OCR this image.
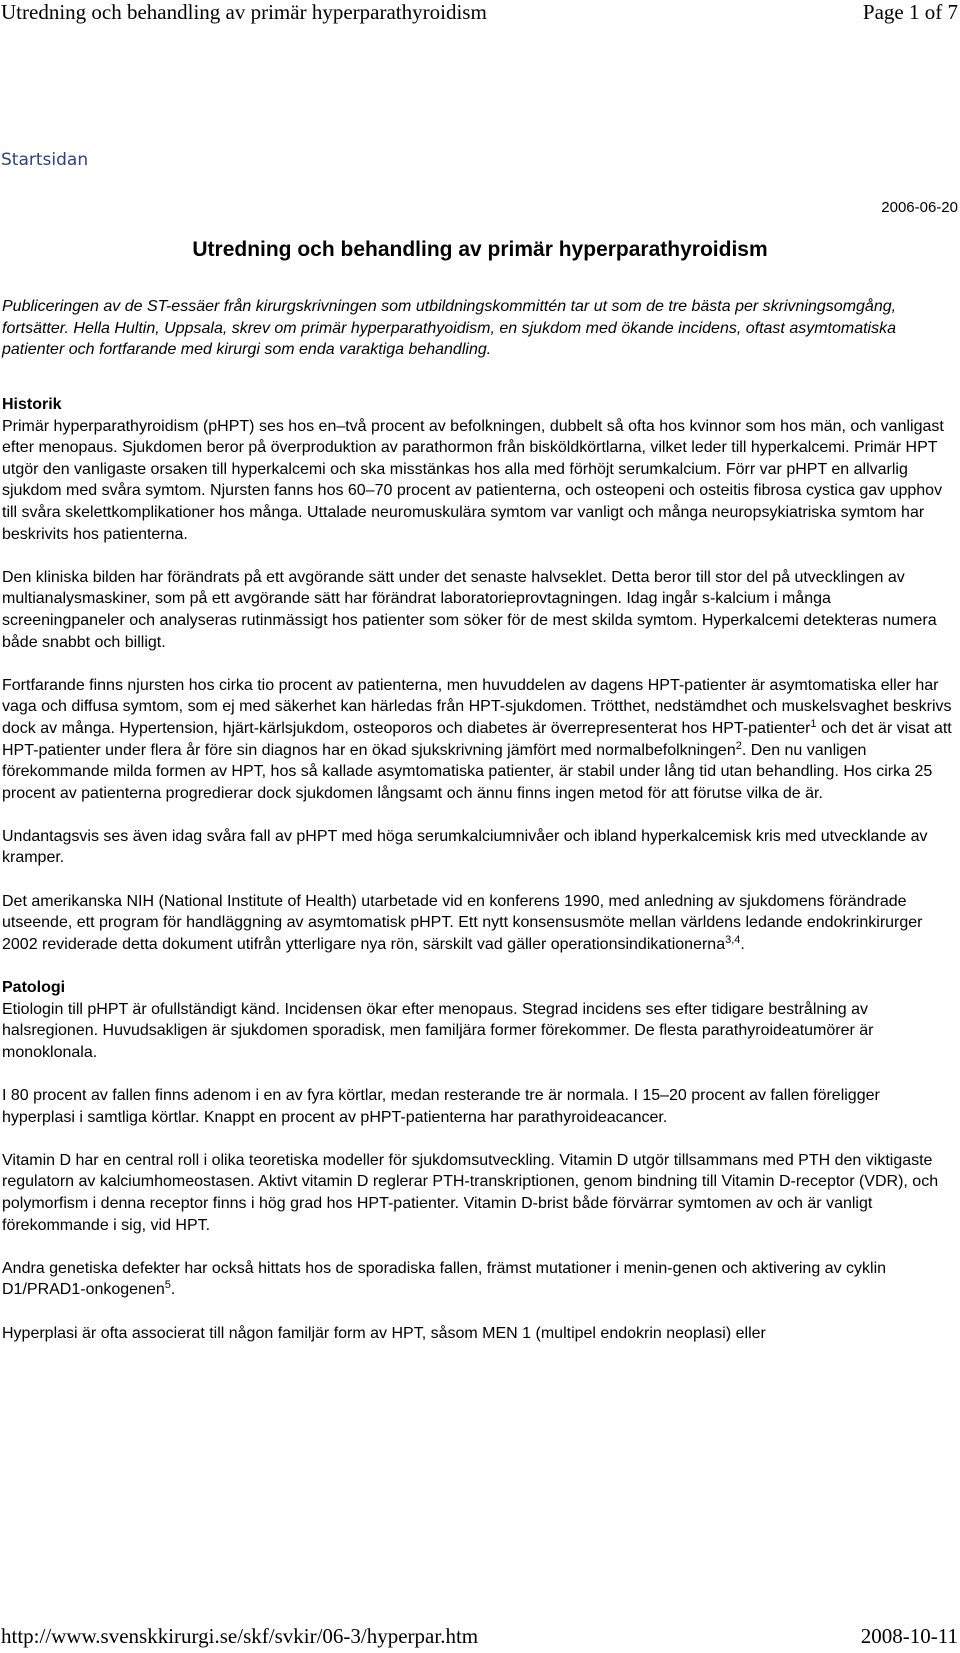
Utredning och behandling av primär hyperparathyroidism	Page 1 of 7
Startsidan
2006-06-20
Utredning och behandling av primär hyperparathyroidism
Publiceringen av de ST-essäer från kirurgskrivningen som utbildningskommittén tar ut som de tre bästa per skrivningsomgång, fortsätter. Hella Hultin, Uppsala, skrev om primär hyperparathyoidism, en sjukdom med ökande incidens, oftast asymtomatiska patienter och fortfarande med kirurgi som enda varaktiga behandling.
Historik

Primär hyperparathyroidism (pHPT) ses hos en–två procent av befolkningen, dubbelt så ofta hos kvinnor som hos män, och vanligast efter menopaus. Sjukdomen beror på överproduktion av parathormon från bisköldkörtlarna, vilket leder till hyperkalcemi. Primär HPT utgör den vanligaste orsaken till hyperkalcemi och ska misstänkas hos alla med förhöjt serumkalcium. Förr var pHPT en allvarlig sjukdom med svåra symtom. Njursten fanns hos 60–70 procent av patienterna, och osteopeni och osteitis fibrosa cystica gav upphov till svåra skelettkomplikationer hos många. Uttalade neuromuskulära symtom var vanligt och många neuropsykiatriska symtom har beskrivits hos patienterna.

Den kliniska bilden har förändrats på ett avgörande sätt under det senaste halvseklet. Detta beror till stor del på utvecklingen av multianalysmaskiner, som på ett avgörande sätt har förändrat laboratorieprovtagningen. Idag ingår s-kalcium i många screeningpaneler och analyseras rutinmässigt hos patienter som söker för de mest skilda symtom. Hyperkalcemi detekteras numera både snabbt och billigt.

Fortfarande finns njursten hos cirka tio procent av patienterna, men huvuddelen av dagens HPT-patienter är asymtomatiska eller har vaga och diffusa symtom, som ej med säkerhet kan härledas från HPT-sjukdomen. Trötthet, nedstämdhet och muskelsvaghet beskrivs dock av många. Hypertension, hjärt-kärlsjukdom, osteoporos och diabetes är överrepresenterat hos HPT-patienter$^1$ och det är visat att HPT-patienter under flera år före sin diagnos har en ökad sjukskrivning jämfört med normalbefolkningen$^2$. Den nu vanligen förekommande milda formen av HPT, hos så kallade asymtomatiska patienter, är stabil under lång tid utan behandling. Hos cirka 25 procent av patienterna progredierar dock sjukdomen långsamt och ännu finns ingen metod för att förutse vilka de är.

Undantagsvis ses även idag svåra fall av pHPT med höga serumkalciumnivåer och ibland hyperkalcemisk kris med utvecklande av kramper.

Det amerikanska NIH (National Institute of Health) utarbetade vid en konferens 1990, med anledning av sjukdomens förändrade utseende, ett program för handläggning av asymtomatisk pHPT. Ett nytt konsensusmöte mellan världens ledande endokrinkirurger 2002 reviderade detta dokument utifrån ytterligare nya rön, särskilt vad gäller operationsindikationerna$^{3,4}$.

Patologi

Etiologin till pHPT är ofullständigt känd. Incidensen ökar efter menopaus. Stegrad incidens ses efter tidigare bestrålning av halsregionen. Huvudsakligen är sjukdomen sporadisk, men familjära former förekommer. De flesta parathyroideatumörer är monoklonala.

I 80 procent av fallen finns adenom i en av fyra körtlar, medan resterande tre är normala. I 15–20 procent av fallen föreligger hyperplasi i samtliga körtlar. Knappt en procent av pHPT-patienterna har parathyroideacancer.

Vitamin D har en central roll i olika teoretiska modeller för sjukdomsutveckling. Vitamin D utgör tillsammans med PTH den viktigaste regulatorn av kalciumhomeostasen. Aktivt vitamin D reglerar PTH-transkriptionen, genom bindning till Vitamin D-receptor (VDR), och polymorfism i denna receptor finns i hög grad hos HPT-patienter. Vitamin D-brist både förvärrar symtomen av och är vanligt förekommande i sig, vid HPT.

Andra genetiska defekter har också hittats hos de sporadiska fallen, främst mutationer i menin-genen och aktivering av cyklin D1/PRAD1-onkogenen$^5$.

Hyperplasi är ofta associerat till någon familjär form av HPT, såsom MEN 1 (multipel endokrin neoplasi) eller

http://www.svenskkirurgi.se/skf/svkir/06-3/hyperpar.htm	2008-10-11
